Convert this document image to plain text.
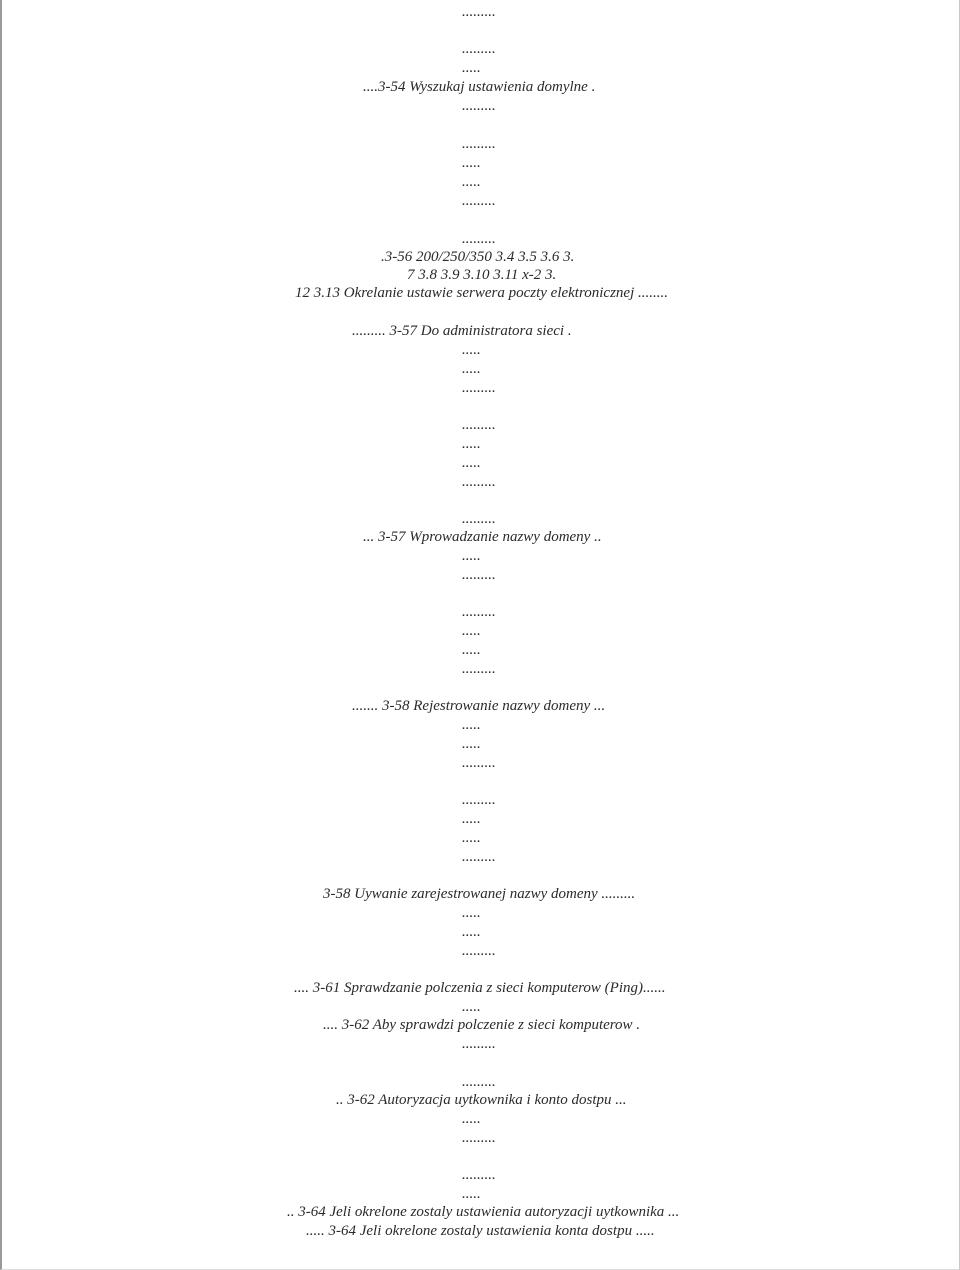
.........
.........
.....
....3-54 Wyszukaj ustawienia domylne .
.........
.........
.....
.....
.........
.........
.3-56 200/250/350 3.4 3.5 3.6 3.
7 3.8 3.9 3.10 3.11 x-2 3.
12 3.13 Okrelanie ustawie serwera poczty elektronicznej ........
......... 3-57 Do administratora sieci .
.....
.....
.........
.........
.....
.....
.........
.........
... 3-57 Wprowadzanie nazwy domeny ..
.....
.........
.........
.....
.....
.........
....... 3-58 Rejestrowanie nazwy domeny ...
.....
.....
.........
.........
.....
.....
.........
3-58 Uywanie zarejestrowanej nazwy domeny .........
.....
.....
.........
.... 3-61 Sprawdzanie polczenia z sieci komputerow (Ping)......
.....
.... 3-62 Aby sprawdzi polczenie z sieci komputerow .
.........
.........
.. 3-62 Autoryzacja uytkownika i konto dostpu ...
.....
.........
.........
.....
.. 3-64 Jeli okrelone zostaly ustawienia autoryzacji uytkownika ...
..... 3-64 Jeli okrelone zostaly ustawienia konta dostpu .....
